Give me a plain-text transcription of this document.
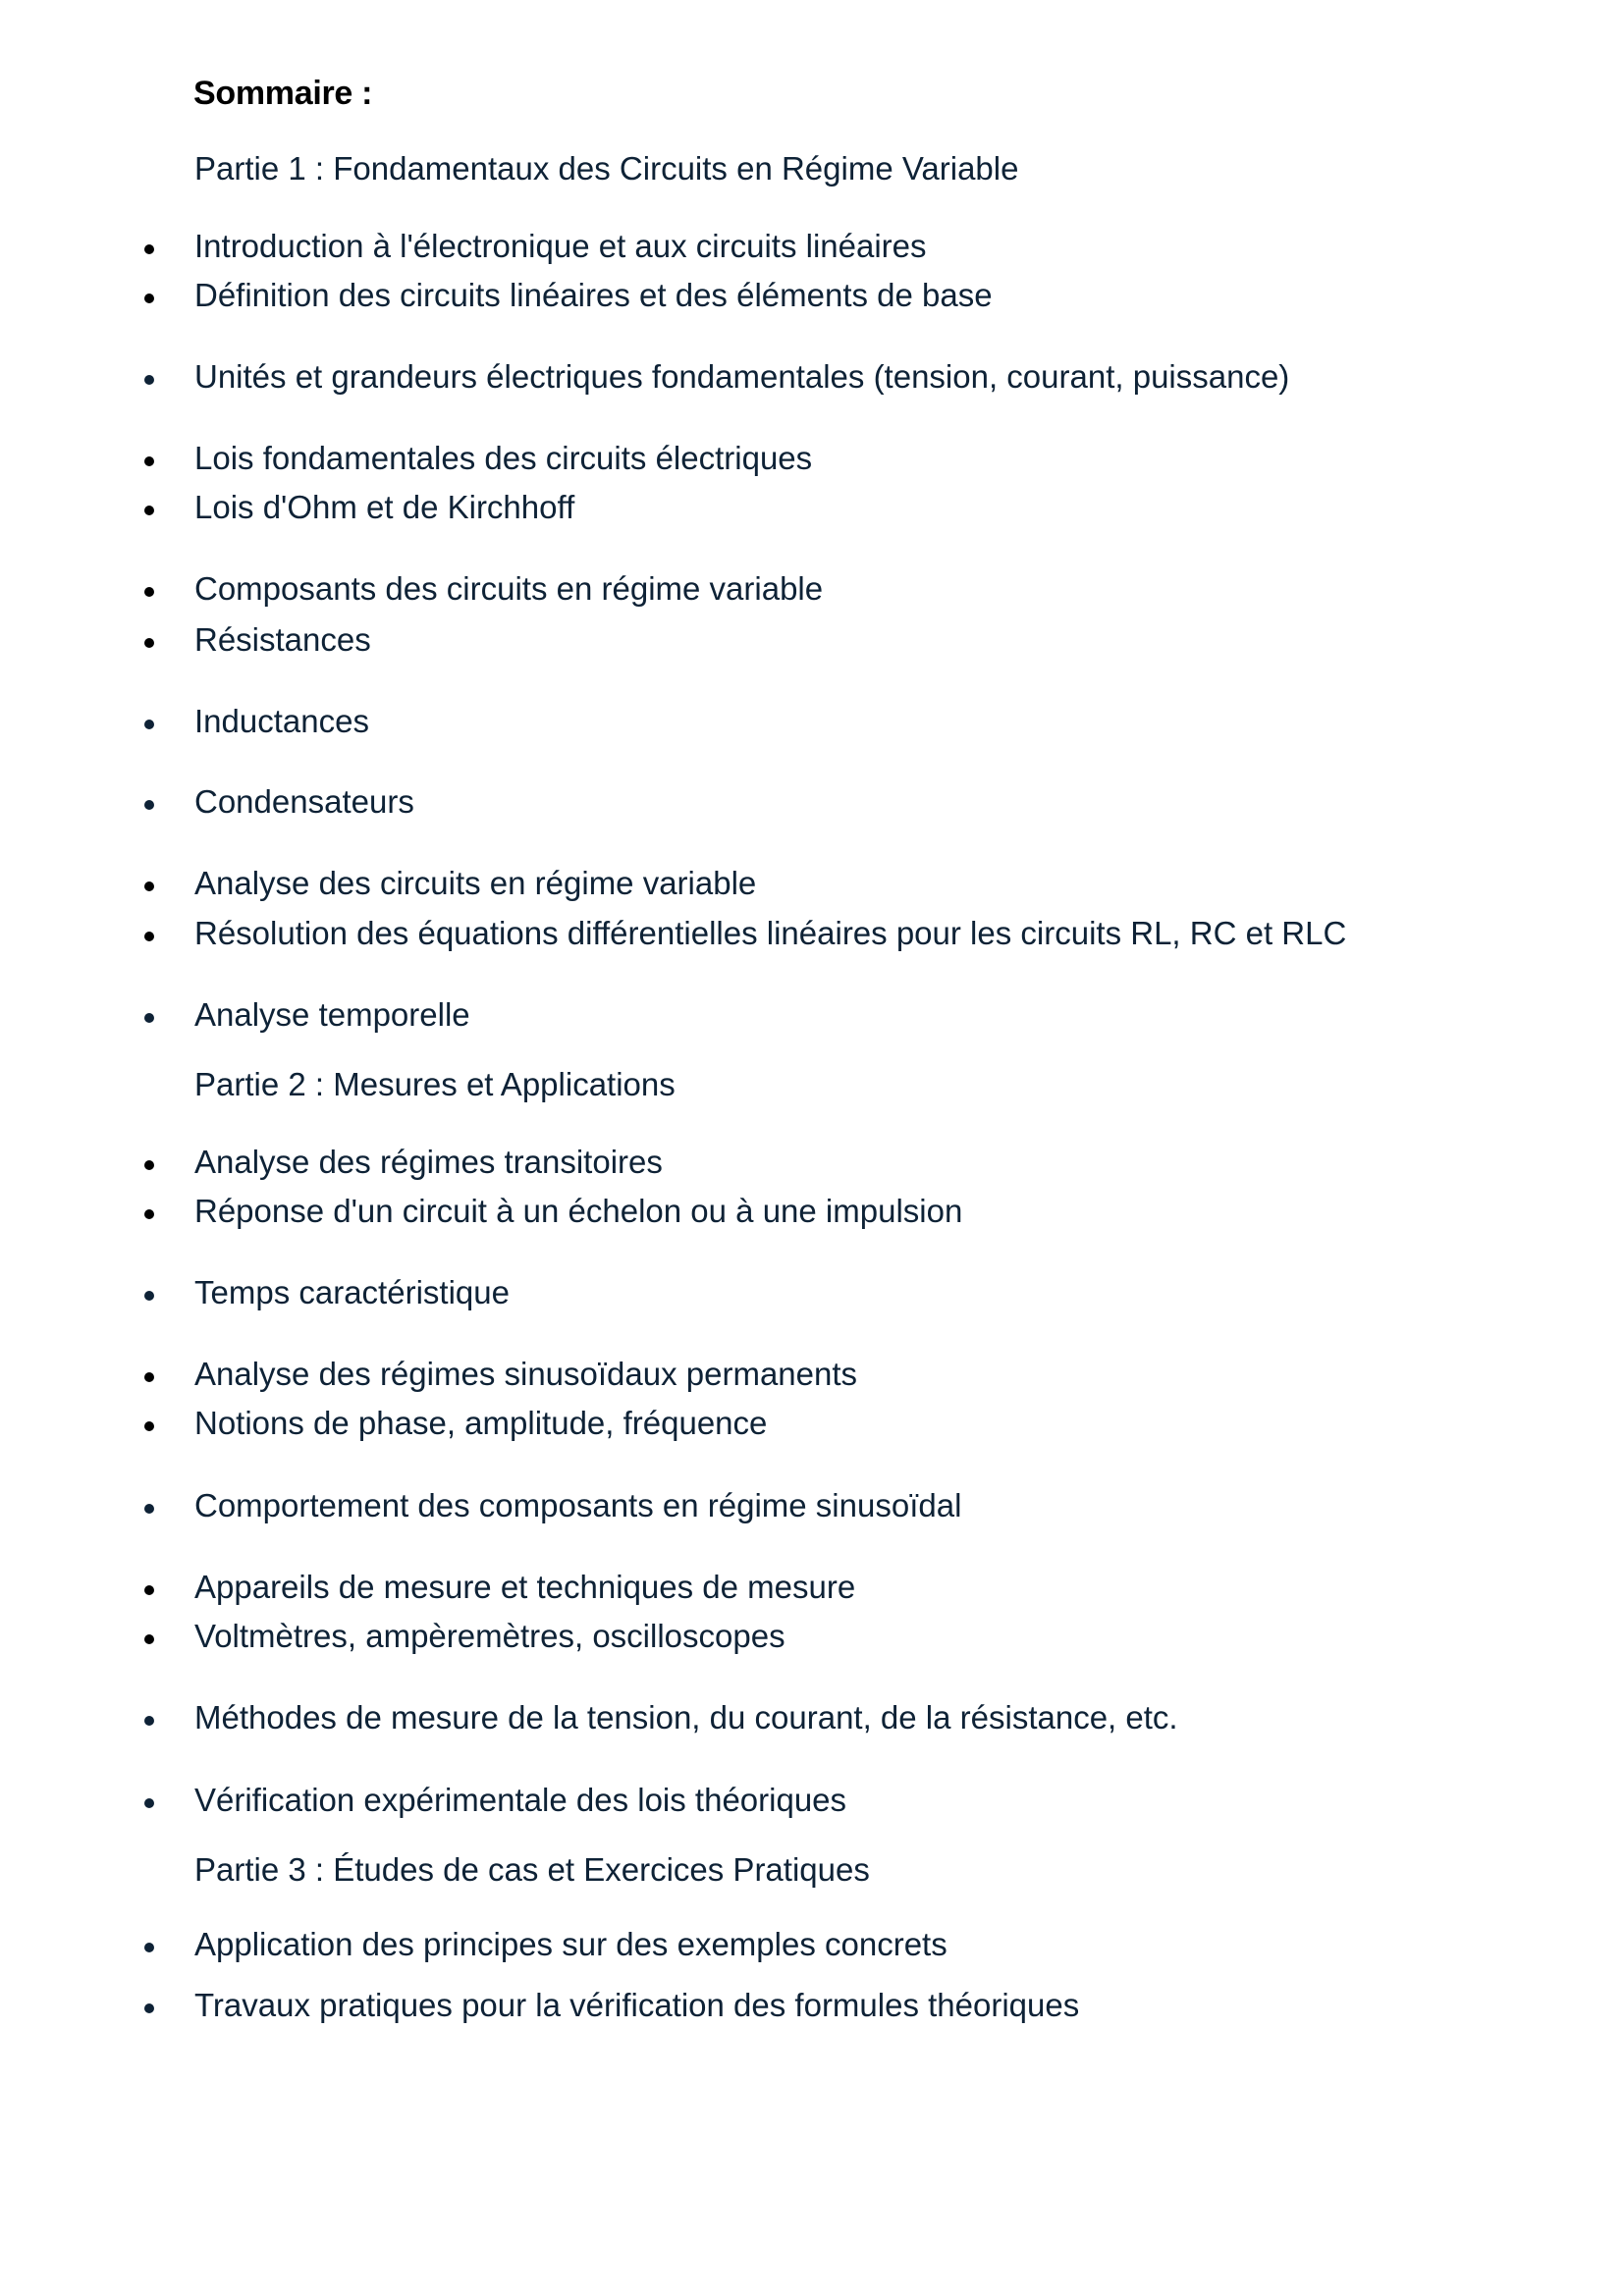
Sommaire :
Partie 1 : Fondamentaux des Circuits en Régime Variable
Introduction à l'électronique et aux circuits linéaires
Définition des circuits linéaires et des éléments de base
Unités et grandeurs électriques fondamentales (tension, courant, puissance)
Lois fondamentales des circuits électriques
Lois d'Ohm et de Kirchhoff
Composants des circuits en régime variable
Résistances
Inductances
Condensateurs
Analyse des circuits en régime variable
Résolution des équations différentielles linéaires pour les circuits RL, RC et RLC
Analyse temporelle
Partie 2 : Mesures et Applications
Analyse des régimes transitoires
Réponse d'un circuit à un échelon ou à une impulsion
Temps caractéristique
Analyse des régimes sinusoïdaux permanents
Notions de phase, amplitude, fréquence
Comportement des composants en régime sinusoïdal
Appareils de mesure et techniques de mesure
Voltmètres, ampèremètres, oscilloscopes
Méthodes de mesure de la tension, du courant, de la résistance, etc.
Vérification expérimentale des lois théoriques
Partie 3 : Études de cas et Exercices Pratiques
Application des principes sur des exemples concrets
Travaux pratiques pour la vérification des formules théoriques
